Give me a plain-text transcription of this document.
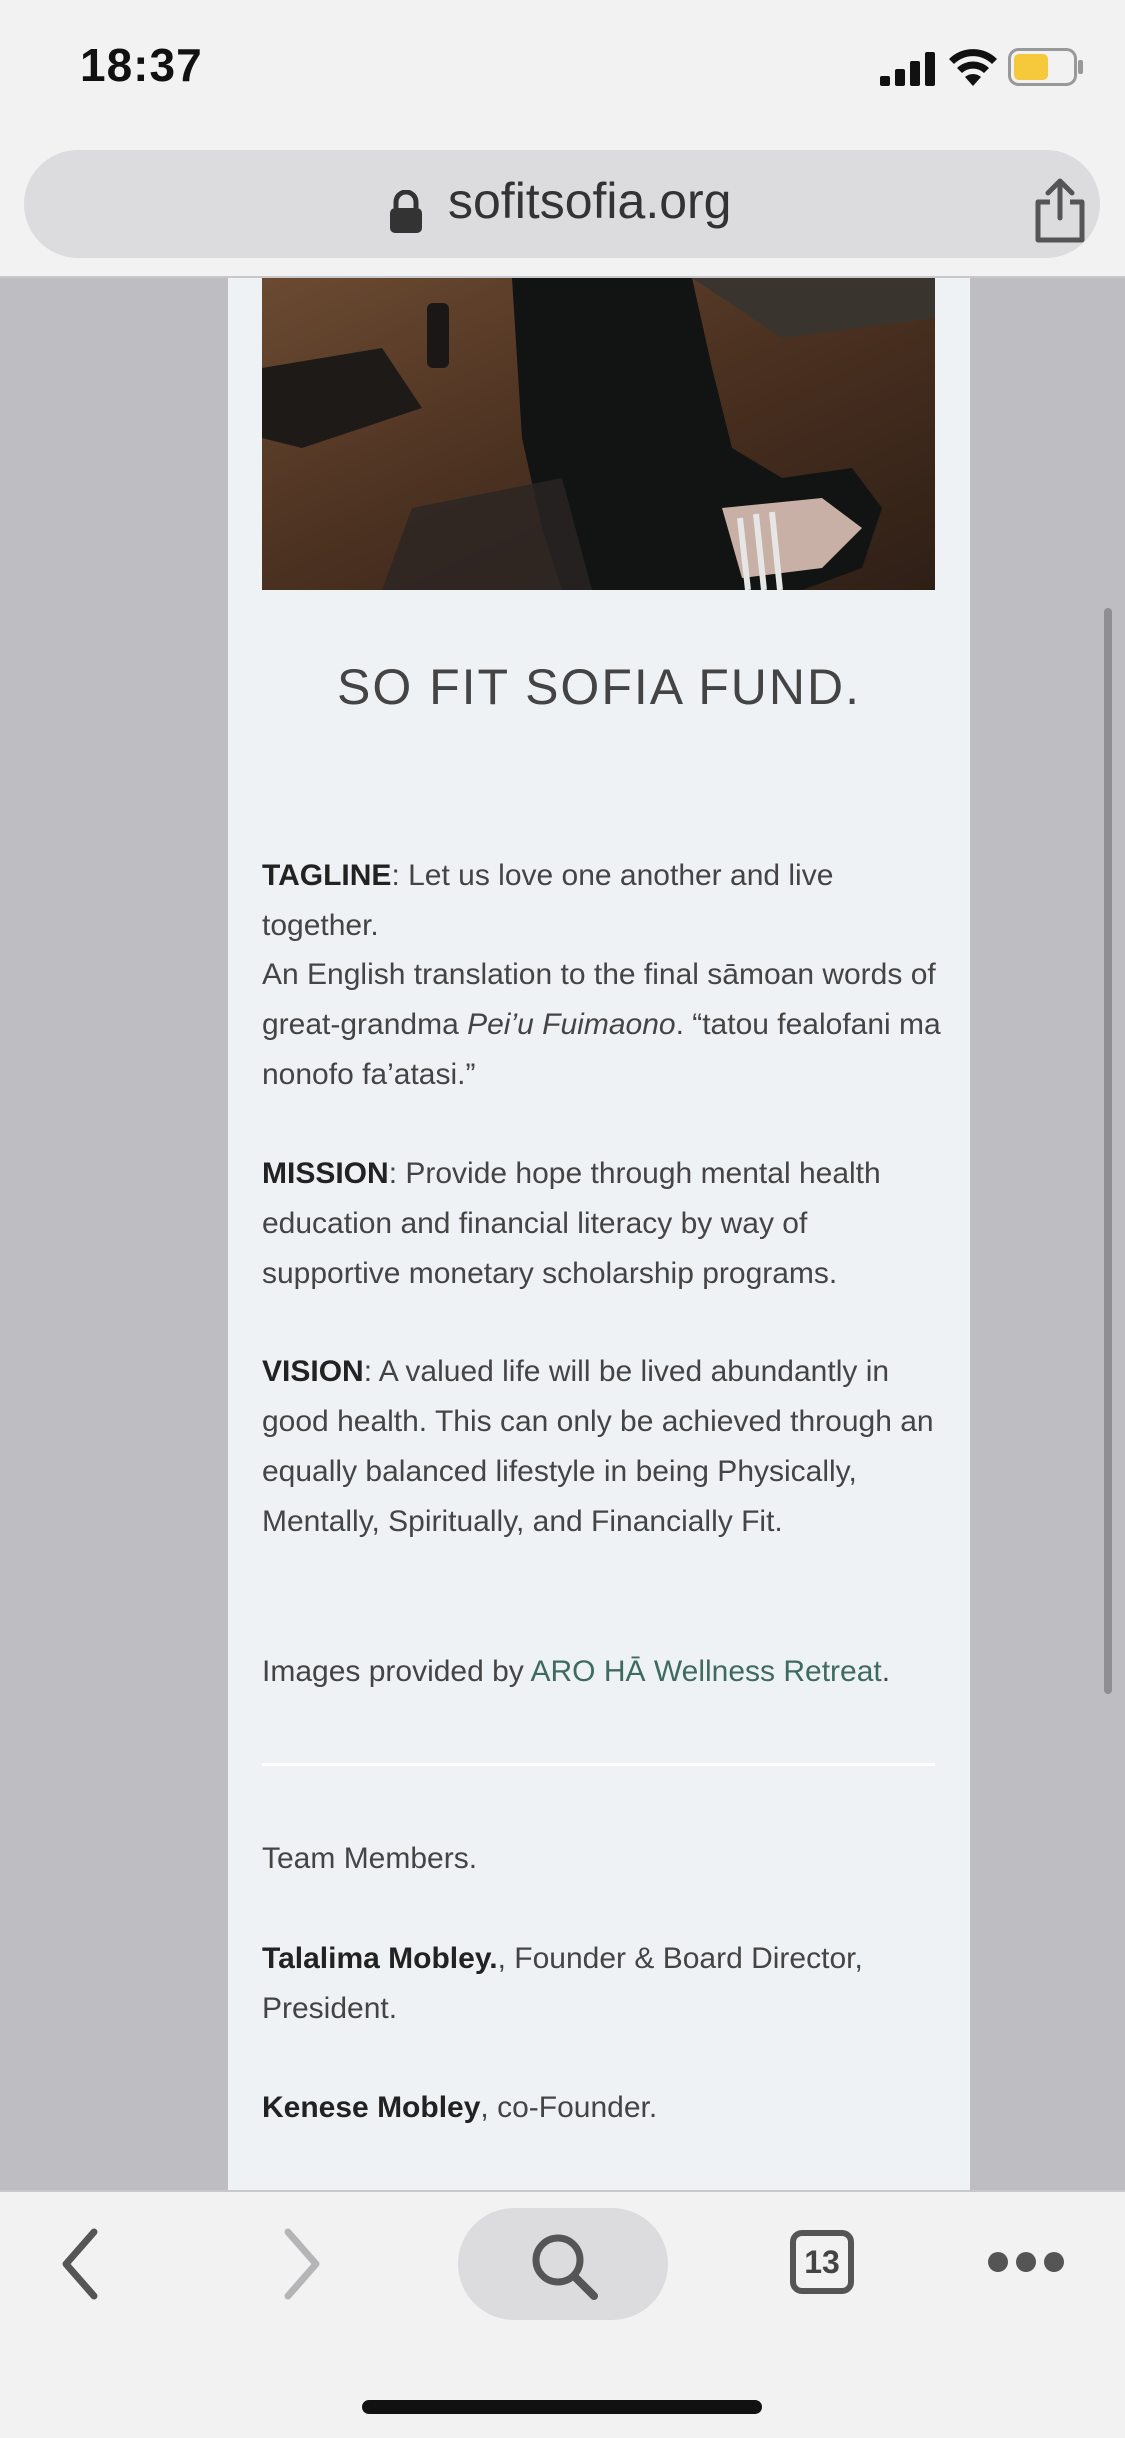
18:37
sofitsofia.org
SO FIT SOFIA FUND.
TAGLINE: Let us love one another and live together.
An English translation to the final sāmoan words of great-grandma Pei’u Fuimaono. “tatou fealofani ma nonofo fa’atasi.”
MISSION: Provide hope through mental health education and financial literacy by way of supportive monetary scholarship programs.
VISION: A valued life will be lived abundantly in good health. This can only be achieved through an equally balanced lifestyle in being Physically, Mentally, Spiritually, and Financially Fit.
Images provided by ARO HĀ Wellness Retreat.
Team Members.
Talalima Mobley., Founder & Board Director, President.
Kenese Mobley, co-Founder.
13
